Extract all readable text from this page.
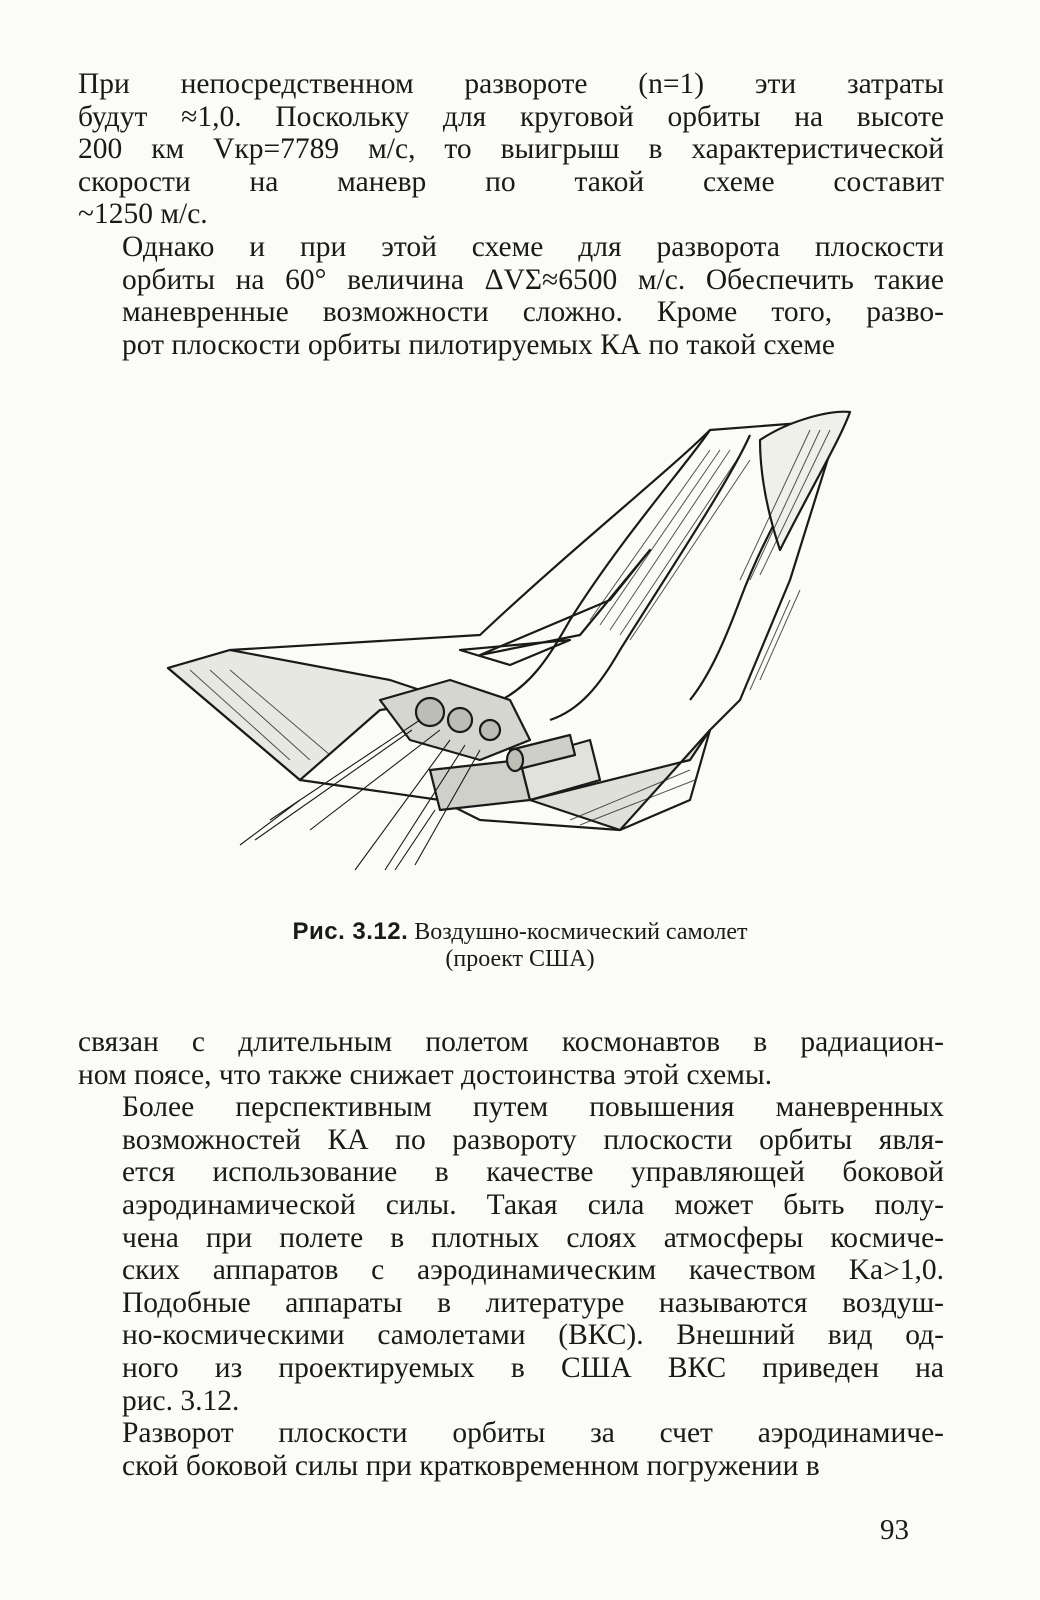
При непосредственном развороте (n=1) эти затраты
будут ≈1,0. Поскольку для круговой орбиты на высоте
200 км Vкр=7789 м/с, то выигрыш в характеристической
скорости на маневр по такой схеме составит
~1250 м/с.

Однако и при этой схеме для разворота плоскости
орбиты на 60° величина ΔVΣ≈6500 м/с. Обеспечить такие
маневренные возможности сложно. Кроме того, разво-
рот плоскости орбиты пилотируемых КА по такой схеме

Рис. 3.12. Воздушно-космический самолет
(проект США)

связан с длительным полетом космонавтов в радиацион-
ном поясе, что также снижает достоинства этой схемы.

Более перспективным путем повышения маневренных
возможностей КА по развороту плоскости орбиты явля-
ется использование в качестве управляющей боковой
аэродинамической силы. Такая сила может быть полу-
чена при полете в плотных слоях атмосферы космиче-
ских аппаратов с аэродинамическим качеством Ka>1,0.
Подобные аппараты в литературе называются воздуш-
но-космическими самолетами (ВКС). Внешний вид од-
ного из проектируемых в США ВКС приведен на
рис. 3.12.

Разворот плоскости орбиты за счет аэродинамиче-
ской боковой силы при кратковременном погружении в

93
